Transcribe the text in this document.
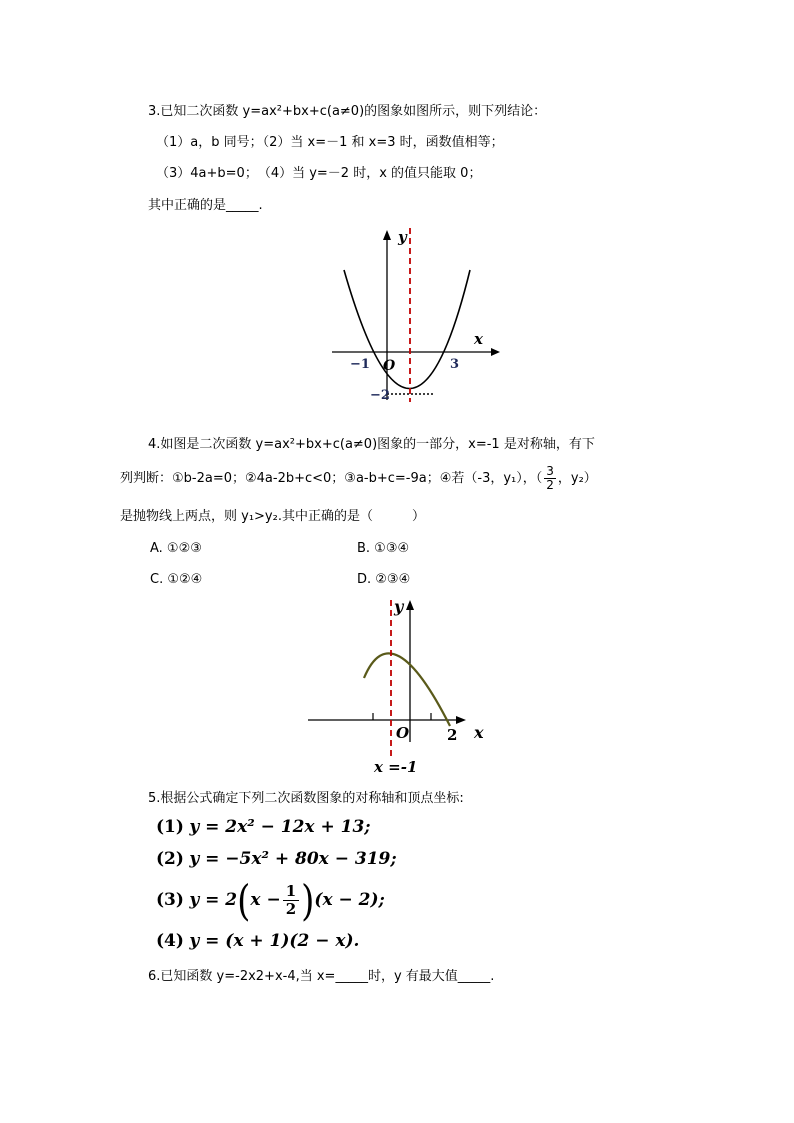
3.已知二次函数 y=ax²+bx+c(a≠0)的图象如图所示，则下列结论：
（1）a，b 同号；（2）当 x=－1 和 x=3 时，函数值相等；
（3）4a+b=0；　（4）当 y=－2 时，x 的值只能取 0；
其中正确的是_____.
y
x
O
−1	3
−2
4.如图是二次函数 y=ax²+bx+c(a≠0)图象的一部分，x=-1 是对称轴，有下
列判断：①b-2a=0；②4a-2b+c<0；③a-b+c=-9a；④若（-3，y₁），（ $\frac{3}{2}$ ，y₂）
是抛物线上两点，则 y₁>y₂.其中正确的是（　　　）
A. ①②③	B. ①③④
C. ①②④	D. ②③④
y
x
O	2
x =-1
5.根据公式确定下列二次函数图象的对称轴和顶点坐标:
(1) y = 2x² − 12x + 13;
(2) y = −5x² + 80x − 319;
(3) $y = 2(x - \frac{1}{2} )(x - 2)$;
(4) y = (x + 1)(2 − x).
6.已知函数 y=-2x2+x-4,当 x=_____时，y 有最大值_____.
